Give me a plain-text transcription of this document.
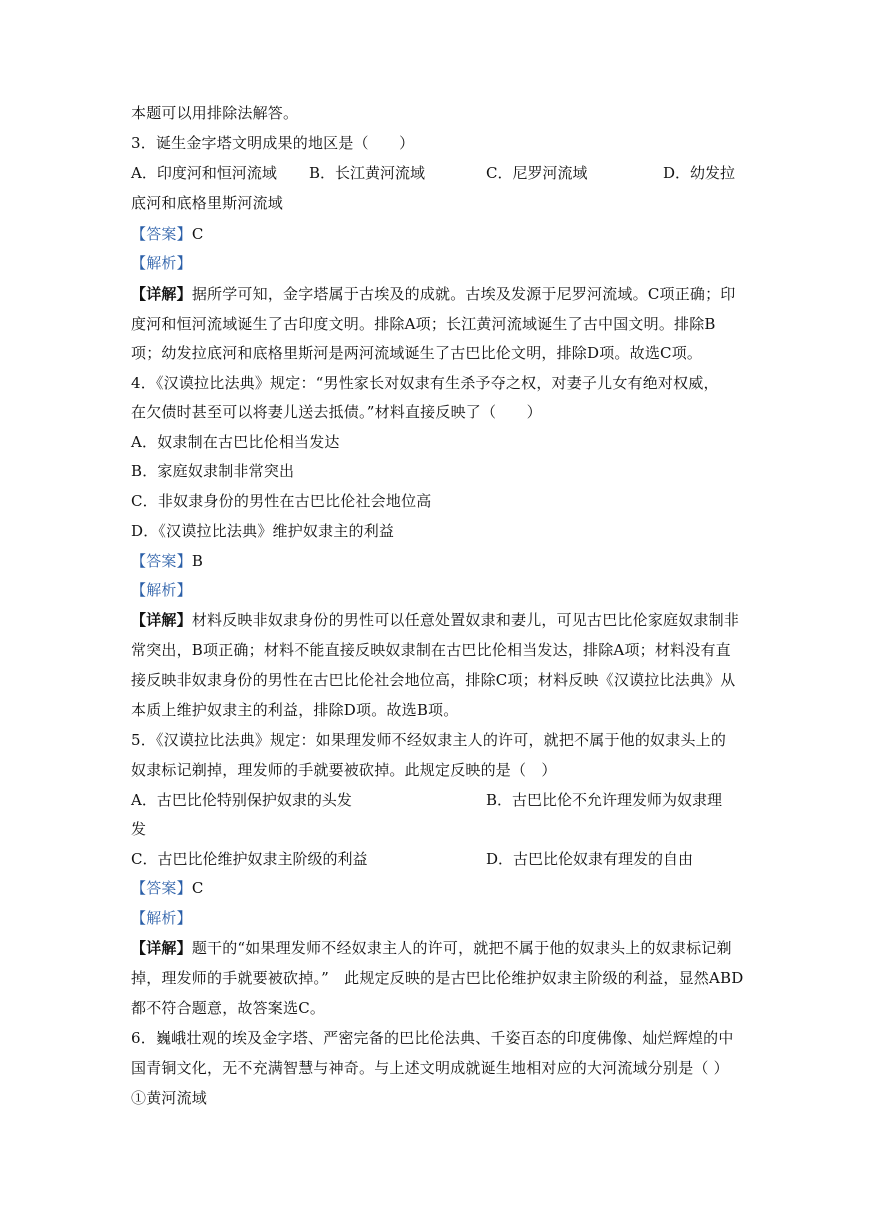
本题可以用排除法解答。
3．诞生金字塔文明成果的地区是（　　）
A．印度河和恒河流域 B．长江黄河流域	C．尼罗河流域	D．幼发拉
底河和底格里斯河流域
【答案】C
【解析】
【详解】据所学可知，金字塔属于古埃及的成就。古埃及发源于尼罗河流域。C项正确；印
度河和恒河流域诞生了古印度文明。排除A项；长江黄河流域诞生了古中国文明。排除B
项；幼发拉底河和底格里斯河是两河流域诞生了古巴比伦文明，排除D项。故选C项。
4．《汉谟拉比法典》规定：“男性家长对奴隶有生杀予夺之权，对妻子儿女有绝对权威，
在欠债时甚至可以将妻儿送去抵债。”材料直接反映了（　　）
A．奴隶制在古巴比伦相当发达
B．家庭奴隶制非常突出
C．非奴隶身份的男性在古巴比伦社会地位高
D．《汉谟拉比法典》维护奴隶主的利益
【答案】B
【解析】
【详解】材料反映非奴隶身份的男性可以任意处置奴隶和妻儿，可见古巴比伦家庭奴隶制非
常突出，B项正确；材料不能直接反映奴隶制在古巴比伦相当发达，排除A项；材料没有直
接反映非奴隶身份的男性在古巴比伦社会地位高，排除C项；材料反映《汉谟拉比法典》从
本质上维护奴隶主的利益，排除D项。故选B项。
5．《汉谟拉比法典》规定：如果理发师不经奴隶主人的许可，就把不属于他的奴隶头上的
奴隶标记剃掉，理发师的手就要被砍掉。此规定反映的是（　）
A．古巴比伦特别保护奴隶的头发	B．古巴比伦不允许理发师为奴隶理
发
C．古巴比伦维护奴隶主阶级的利益	D．古巴比伦奴隶有理发的自由
【答案】C
【解析】
【详解】题干的“如果理发师不经奴隶主人的许可，就把不属于他的奴隶头上的奴隶标记剃
掉，理发师的手就要被砍掉。”　此规定反映的是古巴比伦维护奴隶主阶级的利益，显然ABD
都不符合题意，故答案选C。
6．巍峨壮观的埃及金字塔、严密完备的巴比伦法典、千姿百态的印度佛像、灿烂辉煌的中
国青铜文化，无不充满智慧与神奇。与上述文明成就诞生地相对应的大河流域分别是（ ）
①黄河流域
